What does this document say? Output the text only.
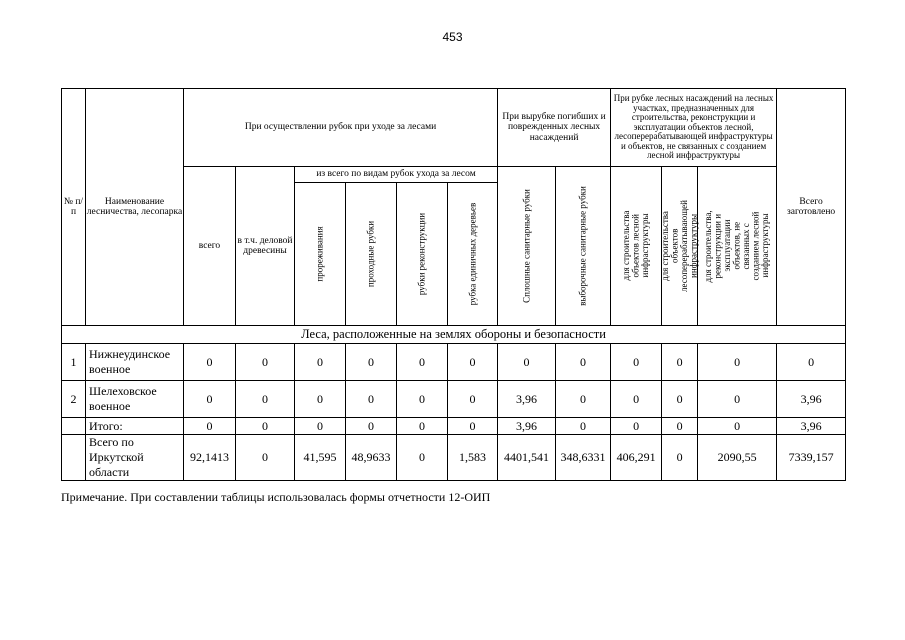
453
№ п/п	Наименование лесничества, лесопарка	При осуществлении рубок при уходе за лесами						При вырубке погибших и поврежденных лесных насаждений		При рубке лесных насаждений на лесных участках, предназначенных для строительства, реконструкции и эксплуатации объектов лесной, лесоперерабатывающей инфраструктуры и объектов, не связанных с созданием лесной инфраструктуры			Всего заготовлено
		всего	в т.ч. деловой древесины	из всего по видам рубок ухода за лесом				Сплошные санитарные рубки	выборочные санитарные рубки	для строительства объектов лесной инфраструктуры	для строительства объектов лесоперерабатывающей инфраструктуры	для строительства, реконструкции и эксплуатации объектов, не связанных с созданием лесной инфраструктуры	

				прореживания	проходные рубки	рубки реконструкции	рубка единичных деревьев						

Леса, расположенные на землях обороны и безопасности													
1	Нижнеудинское военное	0	0	0	0	0	0	0	0	0	0	0	0
2	Шелеховское военное	0	0	0	0	0	0	3,96	0	0	0	0	3,96
	Итого:	0	0	0	0	0	0	3,96	0	0	0	0	3,96
	Всего по Иркутской области	92,1413	0	41,595	48,9633	0	1,583	4401,541	348,6331	406,291	0	2090,55	7339,157
Примечание. При составлении таблицы использовалась формы отчетности 12-ОИП
